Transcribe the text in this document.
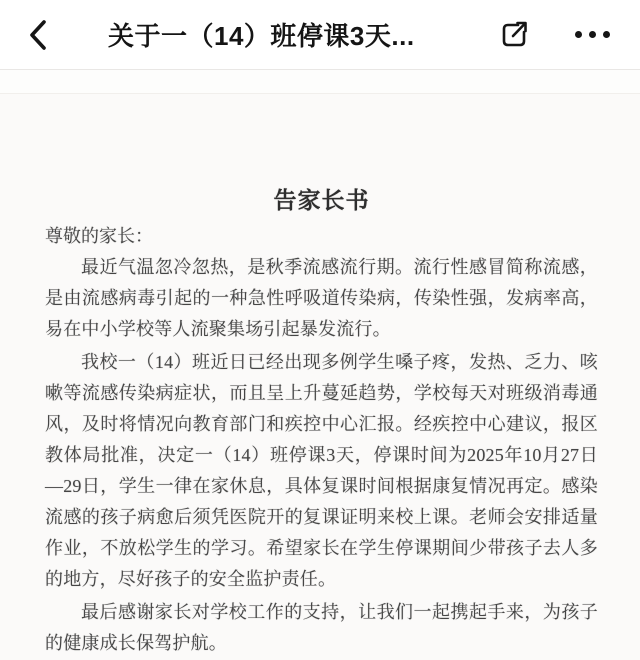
关于一（14）班停课3天...
告家长书

尊敬的家长：

最近气温忽冷忽热，是秋季流感流行期。流行性感冒简称流感，是由流感病毒引起的一种急性呼吸道传染病，传染性强，发病率高，易在中小学校等人流聚集场引起暴发流行。

我校一（14）班近日已经出现多例学生嗓子疼，发热、乏力、咳嗽等流感传染病症状，而且呈上升蔓延趋势，学校每天对班级消毒通风，及时将情况向教育部门和疾控中心汇报。经疾控中心建议，报区教体局批准，决定一（14）班停课3天，停课时间为2025年10月27日—29日，学生一律在家休息，具体复课时间根据康复情况再定。感染流感的孩子病愈后须凭医院开的复课证明来校上课。老师会安排适量作业，不放松学生的学习。希望家长在学生停课期间少带孩子去人多的地方，尽好孩子的安全监护责任。

最后感谢家长对学校工作的支持，让我们一起携起手来，为孩子的健康成长保驾护航。
